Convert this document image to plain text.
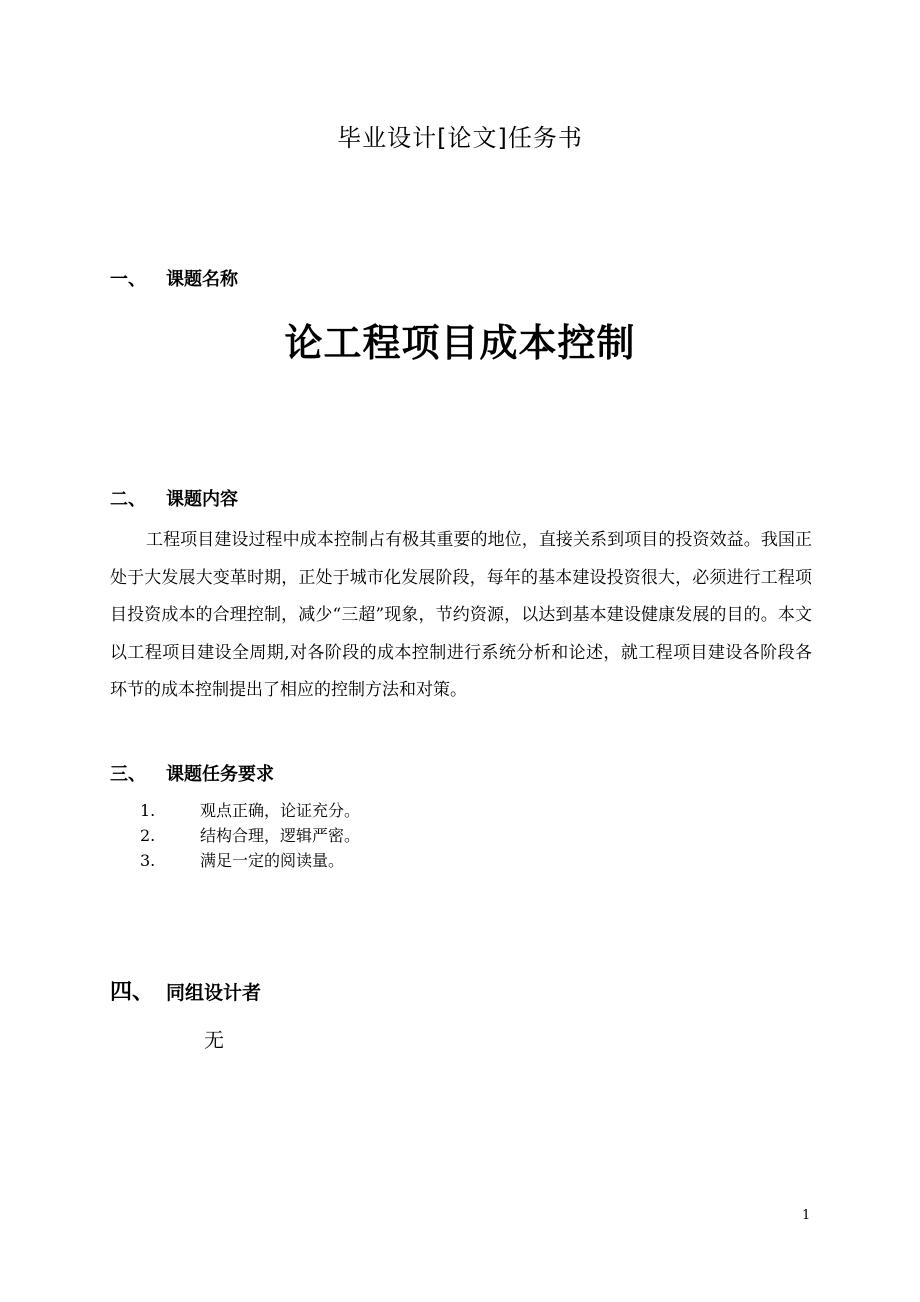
毕业设计[论文]任务书
一、 课题名称
论工程项目成本控制
二、 课题内容

工程项目建设过程中成本控制占有极其重要的地位，直接关系到项目的投资效益。我国正处于大发展大变革时期，正处于城市化发展阶段，每年的基本建设投资很大，必须进行工程项目投资成本的合理控制，减少“三超”现象，节约资源，以达到基本建设健康发展的目的。本文以工程项目建设全周期,对各阶段的成本控制进行系统分析和论述，就工程项目建设各阶段各环节的成本控制提出了相应的控制方法和对策。

三、 课题任务要求
1.	观点正确，论证充分。
2.	结构合理，逻辑严密。
3.	满足一定的阅读量。
四、 同组设计者
无
1
